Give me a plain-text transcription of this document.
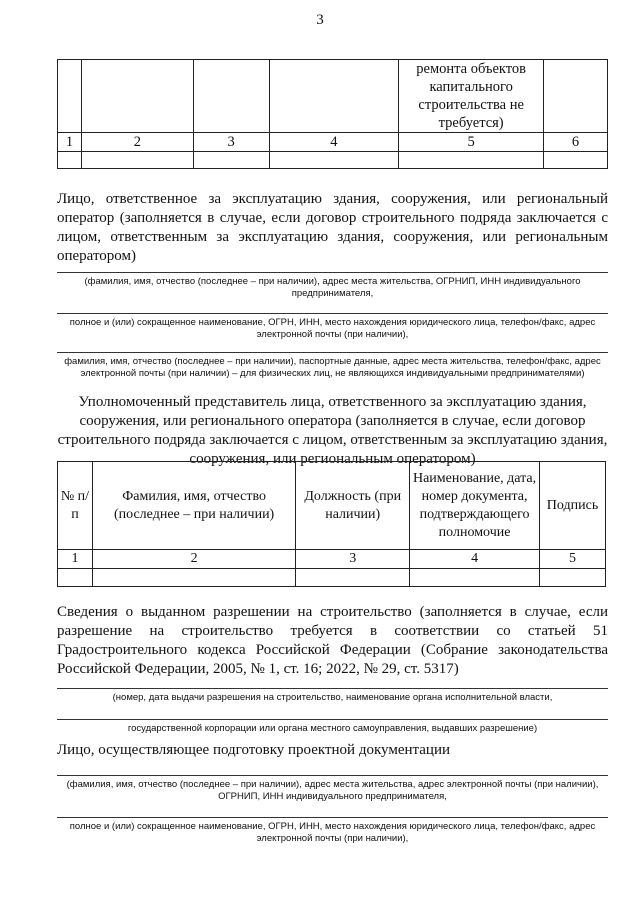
3
				ремонта объектов капитального строительства не требуется)	
1	2	3	4	5	6

Лицо, ответственное за эксплуатацию здания, сооружения, или региональный оператор (заполняется в случае, если договор строительного подряда заключается с лицом, ответственным за эксплуатацию здания, сооружения, или региональным оператором)
(фамилия, имя, отчество (последнее – при наличии), адрес места жительства, ОГРНИП, ИНН индивидуального предпринимателя,
полное и (или) сокращенное наименование, ОГРН, ИНН, место нахождения юридического лица, телефон/факс, адрес электронной почты (при наличии),
фамилия, имя, отчество (последнее – при наличии), паспортные данные, адрес места жительства, телефон/факс, адрес электронной почты (при наличии) – для физических лиц, не являющихся индивидуальными предпринимателями)
Уполномоченный представитель лица, ответственного за эксплуатацию здания, сооружения, или регионального оператора (заполняется в случае, если договор строительного подряда заключается с лицом, ответственным за эксплуатацию здания, сооружения, или региональным оператором)
№ п/п	Фамилия, имя, отчество (последнее – при наличии)	Должность (при наличии)	Наименование, дата, номер документа, подтверждающего полномочие	Подпись
1	2	3	4	5

Сведения о выданном разрешении на строительство (заполняется в случае, если разрешение на строительство требуется в соответствии со статьей 51 Градостроительного кодекса Российской Федерации (Собрание законодательства Российской Федерации, 2005, № 1, ст. 16; 2022, № 29, ст. 5317)
(номер, дата выдачи разрешения на строительство, наименование органа исполнительной власти,
государственной корпорации или органа местного самоуправления, выдавших разрешение)
Лицо, осуществляющее подготовку проектной документации
(фамилия, имя, отчество (последнее – при наличии), адрес места жительства, адрес электронной почты (при наличии), ОГРНИП, ИНН индивидуального предпринимателя,
полное и (или) сокращенное наименование, ОГРН, ИНН, место нахождения юридического лица, телефон/факс, адрес электронной почты (при наличии),
